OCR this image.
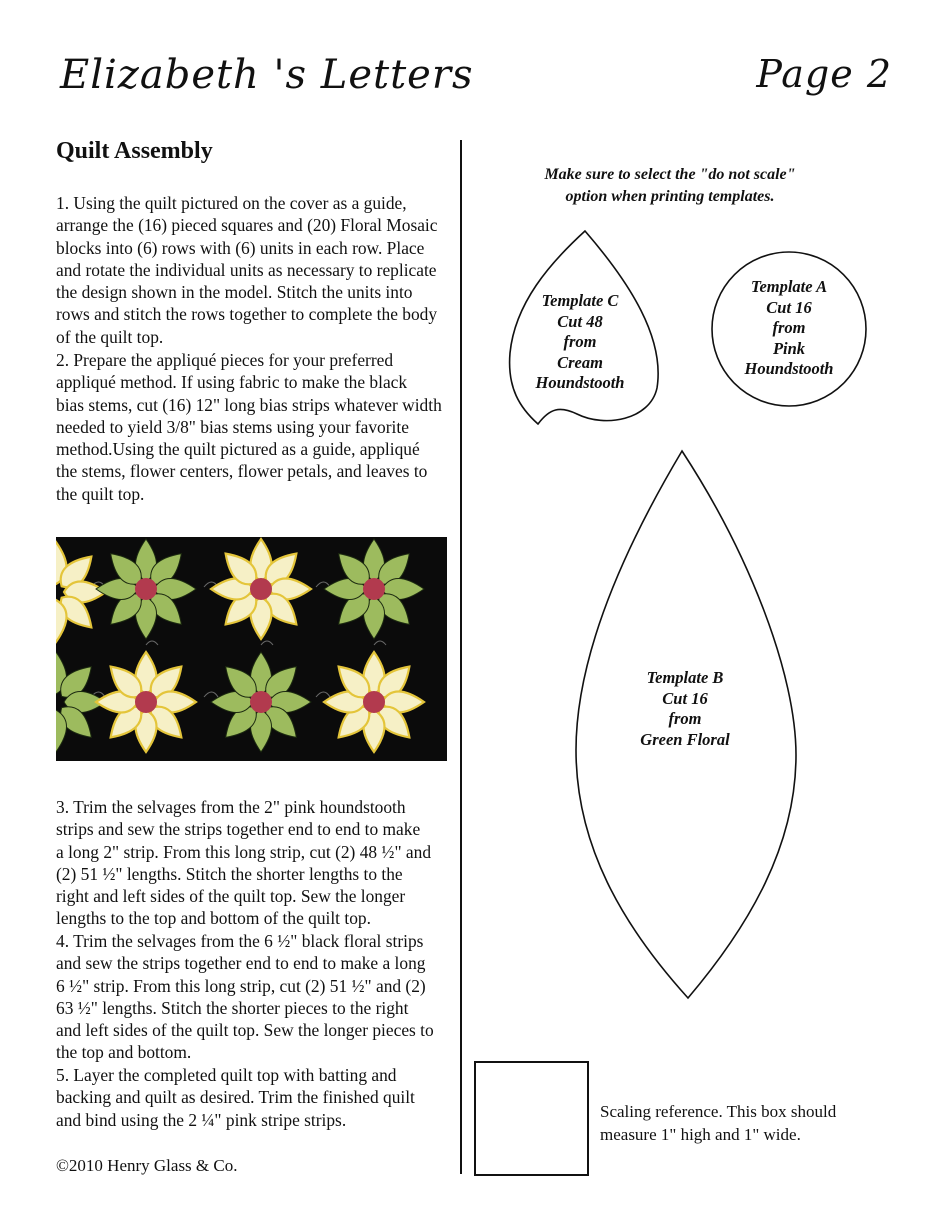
Elizabeth 's Letters	Page 2
Quilt Assembly

1. Using the quilt pictured on the cover as a guide,
arrange the (16) pieced squares and (20) Floral Mosaic
blocks into (6) rows with (6) units in each row. Place
and rotate the individual units as necessary to replicate
the design shown in the model. Stitch the units into
rows and stitch the rows together to complete the body
of the quilt top.

2. Prepare the appliqué pieces for your preferred
appliqué method. If using fabric to make the black
bias stems, cut (16) 12" long bias strips whatever width
needed to yield 3/8" bias stems using your favorite
method.Using the quilt pictured as a guide, appliqué
the stems, flower centers, flower petals, and leaves to
the quilt top.

3. Trim the selvages from the 2" pink houndstooth
strips and sew the strips together end to end to make
a long 2" strip. From this long strip, cut (2) 48 ½" and
(2) 51 ½" lengths. Stitch the shorter lengths to the
right and left sides of the quilt top. Sew the longer
lengths to the top and bottom of the quilt top.

4. Trim the selvages from the 6 ½" black floral strips
and sew the strips together end to end to make a long
6 ½" strip. From this long strip, cut (2) 51 ½" and (2)
63 ½" lengths. Stitch the shorter pieces to the right
and left sides of the quilt top. Sew the longer pieces to
the top and bottom.

5. Layer the completed quilt top with batting and
backing and quilt as desired. Trim the finished quilt
and bind using the 2 ¼" pink stripe strips.

©2010 Henry Glass & Co.

Make sure to select the "do not scale"
option when printing templates.

Template C
Cut 48
from
Cream
Houndstooth

Template A
Cut 16
from
Pink
Houndstooth

Template B
Cut 16
from
Green Floral

Scaling reference. This box should measure 1" high and 1" wide.
